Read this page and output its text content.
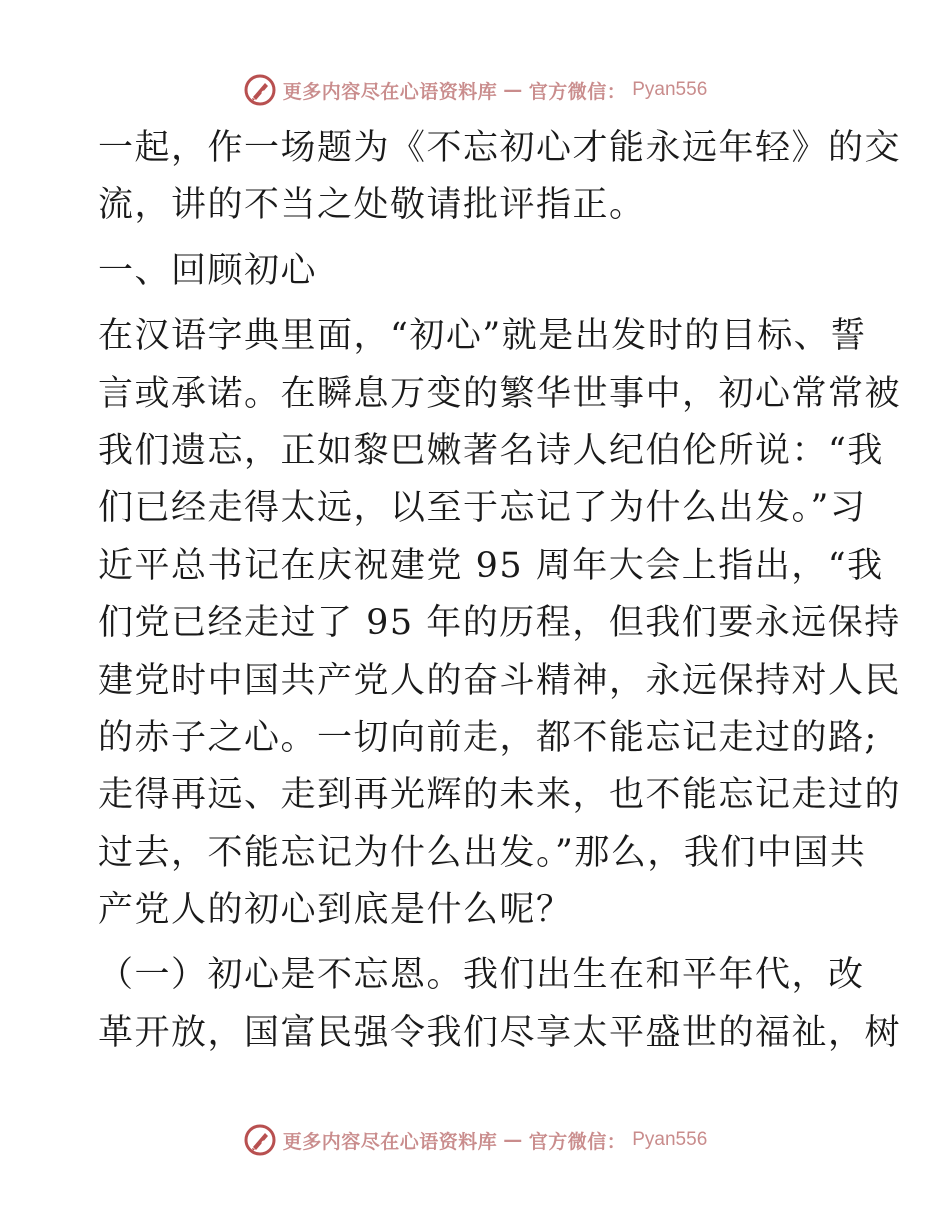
更多内容尽在心语资料库 — 官方微信： Pyan556
一起，作一场题为《不忘初心才能永远年轻》的交
流，讲的不当之处敬请批评指正。
一、回顾初心
在汉语字典里面，“初心”就是出发时的目标、誓
言或承诺。在瞬息万变的繁华世事中，初心常常被
我们遗忘，正如黎巴嫩著名诗人纪伯伦所说：“我
们已经走得太远，以至于忘记了为什么出发。”习
近平总书记在庆祝建党 95 周年大会上指出，“我
们党已经走过了 95 年的历程，但我们要永远保持
建党时中国共产党人的奋斗精神，永远保持对人民
的赤子之心。一切向前走，都不能忘记走过的路;
走得再远、走到再光辉的未来，也不能忘记走过的
过去，不能忘记为什么出发。”那么，我们中国共
产党人的初心到底是什么呢？
（一）初心是不忘恩。我们出生在和平年代，改
革开放，国富民强令我们尽享太平盛世的福祉，树
更多内容尽在心语资料库 — 官方微信： Pyan556
